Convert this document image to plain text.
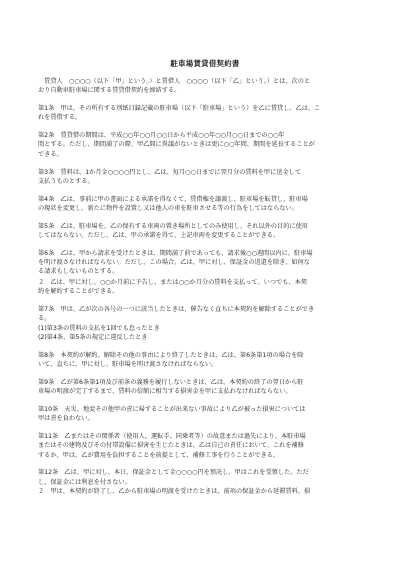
駐車場賃貸借契約書
　賃貸人　○○○○（以下「甲」という。）と賃借人　○○○○（以下「乙」という。）とは、次のと
おり自動車駐車場に関する賃貸借契約を締結する。
第1条　甲は、その所有する別紙目録記載の駐車場（以下「駐車場」という）を乙に賃貸し、乙は、こ
れを賃借する。
第2条　賃貸借の期間は、平成○○年○○月○○日から平成○○年○○月○○日までの○○年
間とする。ただし、期間満了の際、甲乙間に異議がないときは更に○○年間、期間を延長することが
できる。
第3条　賃料は、1か月金○○○○円とし、乙は、毎月○○日までに翌月分の賃料を甲に送金して
支払うものとする。
第4条　乙は、事前に甲の書面による承諾を得なくて、賃借権を譲渡し、駐車場を転貸し、駐車場
の現状を変更し、新たに物件を設置し又は他人の車を駐車させる等の行為をしてはならない。
第5条　乙は、駐車場を、乙の保有する車両の置き場所としてのみ使用し、それ以外の目的に使用
してはならない。ただし、乙は、甲の承諾を得て、上記車両を変更することができる。
第6条　乙は、甲から請求を受けたときは、期間満了前であっても、請求後○○週間以内に、駐車場
を明け渡さなければならない。ただし、この場合、乙は、甲に対し、保証金の返還を除き、如何な
る請求もしないものとする。
２　乙は、甲に対し、○○か月前に予告し、または○○か月分の賃料を支払って、いつでも、本契
約を解約することができる。
第7条　甲は、乙が次の各号の一つに該当したときは、催告なく直ちに本契約を解除することができ
る。
(1)第3条の賃料の支払を1回でも怠ったとき
(2)第4条、第5条の規定に違反したとき
第8条　本契約が解約、解除その他の事由により終了したときは、乙は、第6条第1項の場合を除
いて、直ちに、甲に対し、駐車場を明け渡さなければならない。
第9条　乙が第6条第1項及び前条の義務を履行しないときは、乙は、本契約の終了の翌日から駐
車場の明渡が完了するまで、賃料の倍額に相当する損害金を甲に支払わなければならない。
第10条　天災、地変その他甲の責に帰することが出来ない事故により乙が被った損害については
甲は責を負わない。
第11条　乙またはその関係者（使用人、運転手、同乗者等）の故意または過失により、本駐車場
またはその建物及びその付帯設備に損害を生じたときは、乙は自己の責任において、これを補修
するか、甲は、乙が費用を負担することを前提として、補修工事を行うことができる。
第12条　乙は、甲に対し、本日、保証金として金○○○○円を預託し、甲はこれを受領した。ただ
し、保証金には利息を付さない。
２　甲は、本契約が終了し、乙から駐車場の明渡を受けたときは、前項の保証金から延滞賃料、損
